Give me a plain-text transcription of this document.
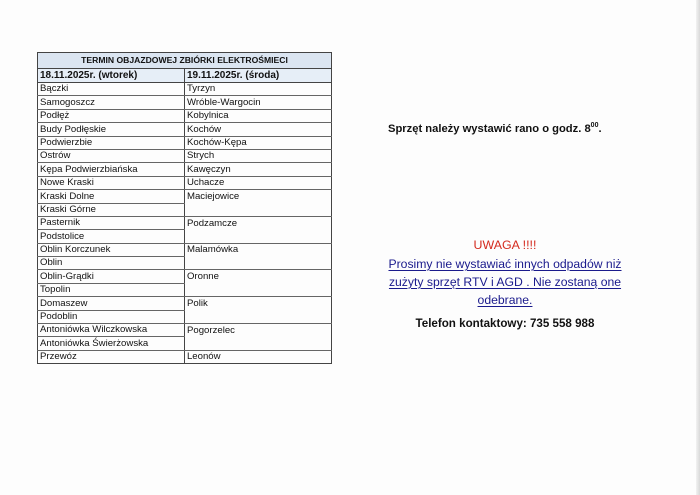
TERMIN OBJAZDOWEJ ZBIÓRKI ELEKTROŚMIECI	
18.11.2025r. (wtorek)	19.11.2025r. (środa)
Bączki	Tyrzyn
Samogoszcz	Wróble-Wargocin
Podłęż	Kobylnica
Budy Podłęskie	Kochów
Podwierzbie	Kochów-Kępa
Ostrów	Strych
Kępa Podwierzbiańska	Kawęczyn
Nowe Kraski	Uchacze
Kraski Dolne	Maciejowice
Kraski Górne	
Pasternik	Podzamcze
Podstolice	
Oblin Korczunek	Malamówka
Oblin	
Oblin-Grądki	Oronne
Topolin	
Domaszew	Polik
Podoblin	
Antoniówka Wilczkowska	Pogorzelec
Antoniówka Świerżowska	
Przewóz	Leonów
Sprzęt należy wystawić rano o godz. $8^{00}$.
UWAGA !!!!
Prosimy nie wystawiać innych odpadów niż
zużyty sprzęt RTV i AGD . Nie zostaną one
odebrane.
Telefon kontaktowy: 735 558 988
